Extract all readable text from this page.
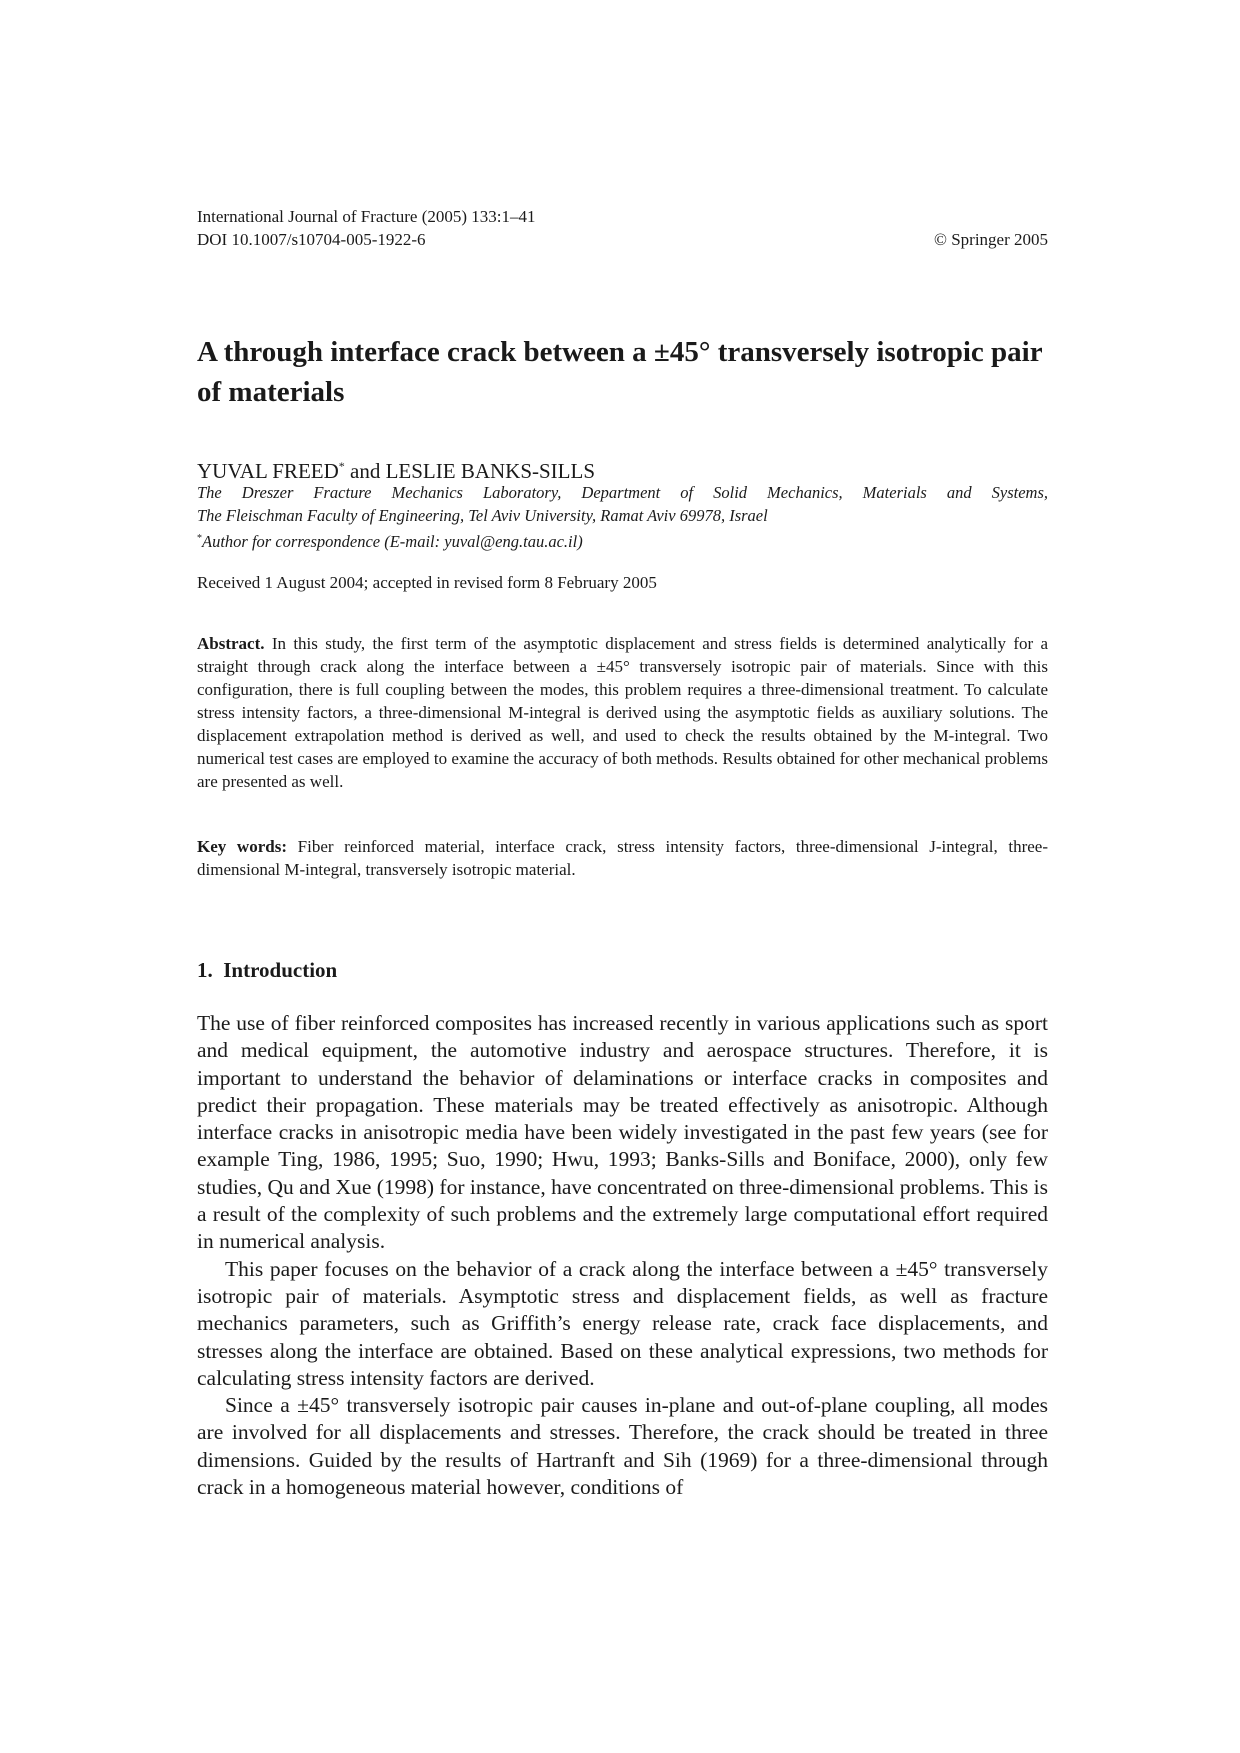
International Journal of Fracture (2005) 133:1–41
DOI 10.1007/s10704-005-1922-6	© Springer 2005
A through interface crack between a ±45° transversely isotropic pair of materials
YUVAL FREED* and LESLIE BANKS-SILLS
The Dreszer Fracture Mechanics Laboratory, Department of Solid Mechanics, Materials and Systems,
The Fleischman Faculty of Engineering, Tel Aviv University, Ramat Aviv 69978, Israel
*Author for correspondence (E-mail: yuval@eng.tau.ac.il)
Received 1 August 2004; accepted in revised form 8 February 2005

Abstract. In this study, the first term of the asymptotic displacement and stress fields is determined analytically for a straight through crack along the interface between a ±45° transversely isotropic pair of materials. Since with this configuration, there is full coupling between the modes, this problem requires a three-dimensional treatment. To calculate stress intensity factors, a three-dimensional M-integral is derived using the asymptotic fields as auxiliary solutions. The displacement extrapolation method is derived as well, and used to check the results obtained by the M-integral. Two numerical test cases are employed to examine the accuracy of both methods. Results obtained for other mechanical problems are presented as well.

Key words: Fiber reinforced material, interface crack, stress intensity factors, three-dimensional J-integral, three-dimensional M-integral, transversely isotropic material.

1. Introduction

The use of fiber reinforced composites has increased recently in various applications such as sport and medical equipment, the automotive industry and aerospace structures. Therefore, it is important to understand the behavior of delaminations or interface cracks in composites and predict their propagation. These materials may be treated effectively as anisotropic. Although interface cracks in anisotropic media have been widely investigated in the past few years (see for example Ting, 1986, 1995; Suo, 1990; Hwu, 1993; Banks-Sills and Boniface, 2000), only few studies, Qu and Xue (1998) for instance, have concentrated on three-dimensional problems. This is a result of the complexity of such problems and the extremely large computational effort required in numerical analysis.

This paper focuses on the behavior of a crack along the interface between a ±45° transversely isotropic pair of materials. Asymptotic stress and displacement fields, as well as fracture mechanics parameters, such as Griffith’s energy release rate, crack face displacements, and stresses along the interface are obtained. Based on these analytical expressions, two methods for calculating stress intensity factors are derived.

Since a ±45° transversely isotropic pair causes in-plane and out-of-plane coupling, all modes are involved for all displacements and stresses. Therefore, the crack should be treated in three dimensions. Guided by the results of Hartranft and Sih (1969) for a three-dimensional through crack in a homogeneous material however, conditions of
